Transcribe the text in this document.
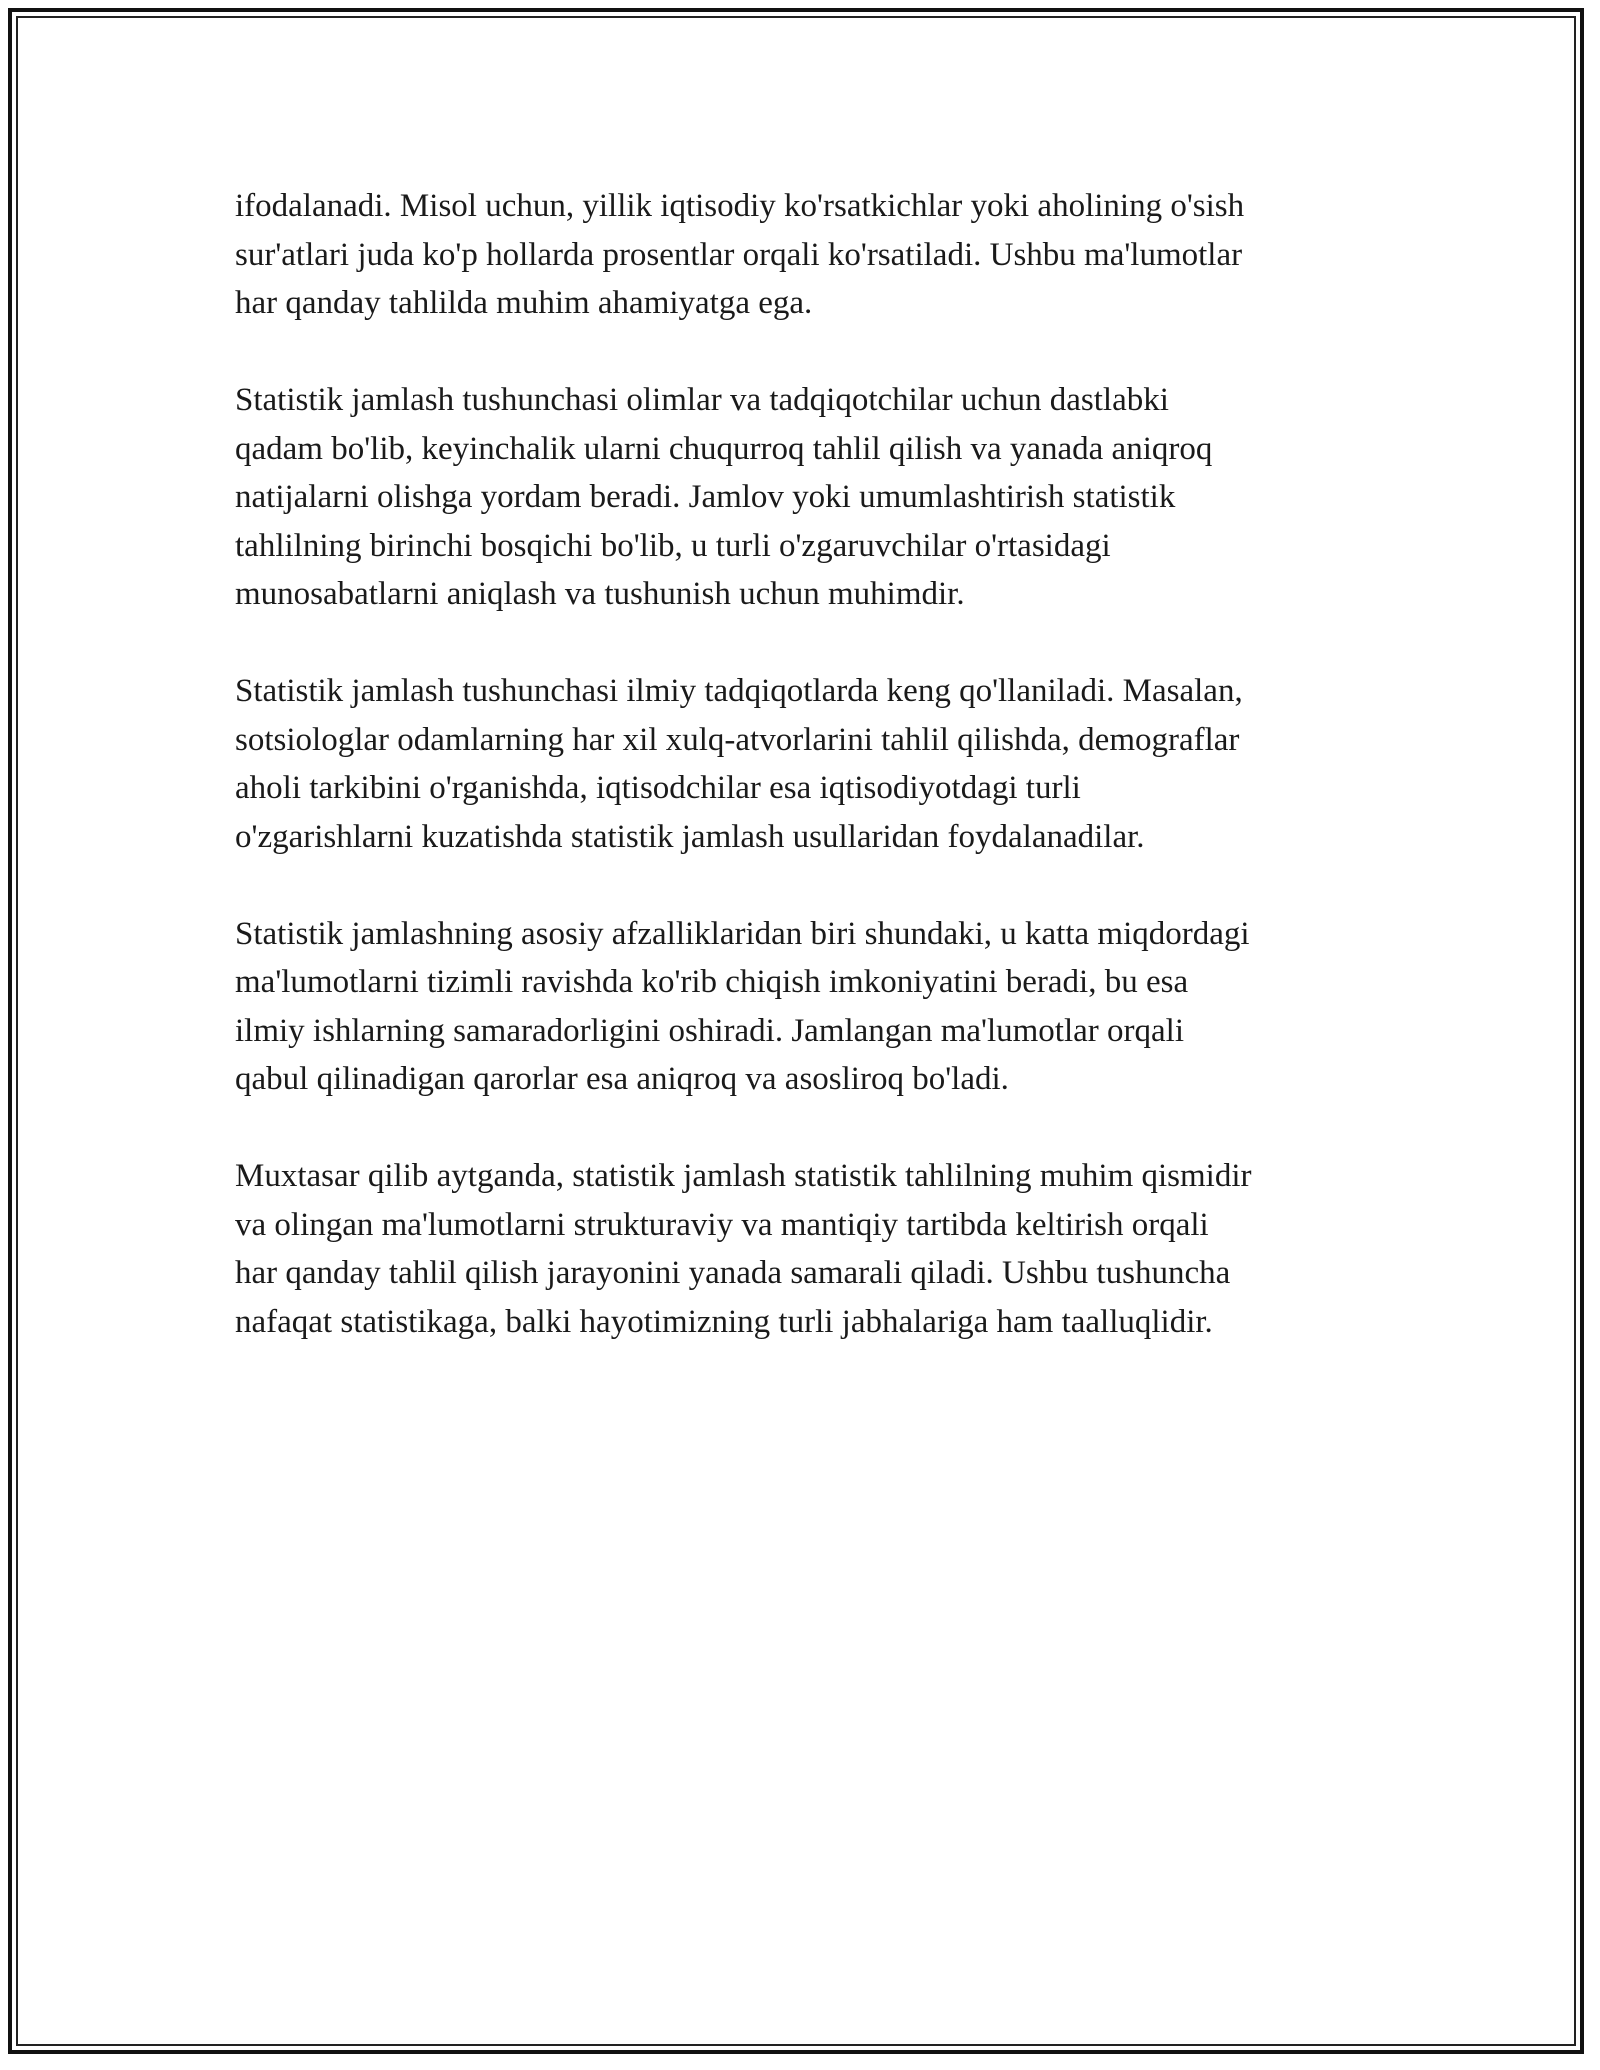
ifodalanadi. Misol uchun, yillik iqtisodiy ko'rsatkichlar yoki aholining o'sish
sur'atlari juda ko'p hollarda prosentlar orqali ko'rsatiladi. Ushbu ma'lumotlar
har qanday tahlilda muhim ahamiyatga ega.

Statistik jamlash tushunchasi olimlar va tadqiqotchilar uchun dastlabki
qadam bo'lib, keyinchalik ularni chuqurroq tahlil qilish va yanada aniqroq
natijalarni olishga yordam beradi. Jamlov yoki umumlashtirish statistik
tahlilning birinchi bosqichi bo'lib, u turli o'zgaruvchilar o'rtasidagi
munosabatlarni aniqlash va tushunish uchun muhimdir.

Statistik jamlash tushunchasi ilmiy tadqiqotlarda keng qo'llaniladi. Masalan,
sotsiologlar odamlarning har xil xulq-atvorlarini tahlil qilishda, demograflar
aholi tarkibini o'rganishda, iqtisodchilar esa iqtisodiyotdagi turli
o'zgarishlarni kuzatishda statistik jamlash usullaridan foydalanadilar.

Statistik jamlashning asosiy afzalliklaridan biri shundaki, u katta miqdordagi
ma'lumotlarni tizimli ravishda ko'rib chiqish imkoniyatini beradi, bu esa
ilmiy ishlarning samaradorligini oshiradi. Jamlangan ma'lumotlar orqali
qabul qilinadigan qarorlar esa aniqroq va asosliroq bo'ladi.

Muxtasar qilib aytganda, statistik jamlash statistik tahlilning muhim qismidir
va olingan ma'lumotlarni strukturaviy va mantiqiy tartibda keltirish orqali
har qanday tahlil qilish jarayonini yanada samarali qiladi. Ushbu tushuncha
nafaqat statistikaga, balki hayotimizning turli jabhalariga ham taalluqlidir.
